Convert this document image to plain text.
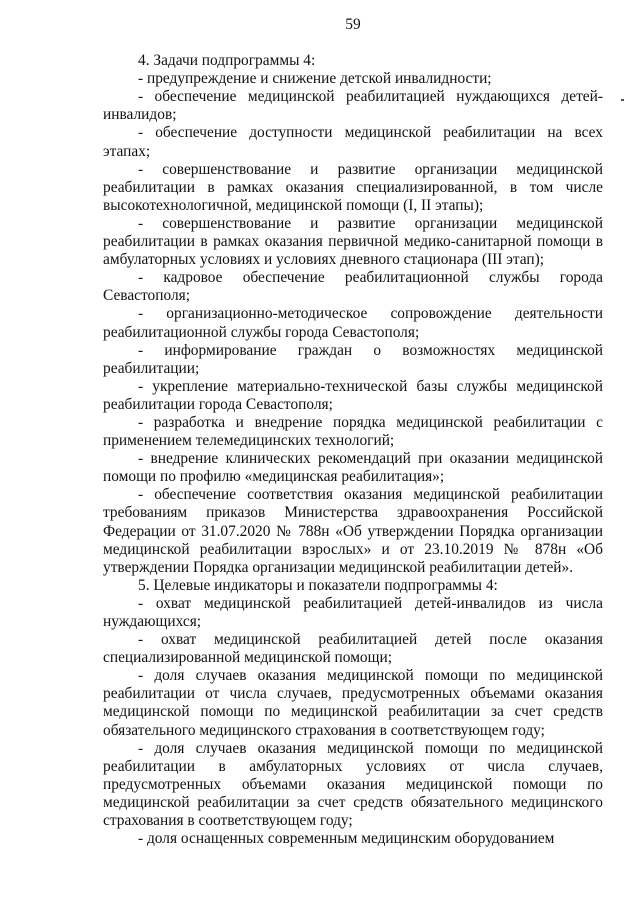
59

4. Задачи подпрограммы 4:

- предупреждение и снижение детской инвалидности;

- обеспечение медицинской реабилитацией нуждающихся детей-инвалидов;

- обеспечение доступности медицинской реабилитации на всех этапах;

- совершенствование и развитие организации медицинской реабилитации в рамках оказания специализированной, в том числе высокотехнологичной, медицинской помощи (I, II этапы);

- совершенствование и развитие организации медицинской реабилитации в рамках оказания первичной медико-санитарной помощи в амбулаторных условиях и условиях дневного стационара (III этап);

- кадровое обеспечение реабилитационной службы города Севастополя;

- организационно-методическое сопровождение деятельности реабилитационной службы города Севастополя;

- информирование граждан о возможностях медицинской реабилитации;

- укрепление материально-технической базы службы медицинской реабилитации города Севастополя;

- разработка и внедрение порядка медицинской реабилитации с применением телемедицинских технологий;

- внедрение клинических рекомендаций при оказании медицинской помощи по профилю «медицинская реабилитация»;

- обеспечение соответствия оказания медицинской реабилитации требованиям приказов Министерства здравоохранения Российской Федерации от 31.07.2020 № 788н «Об утверждении Порядка организации медицинской реабилитации взрослых» и от 23.10.2019 № 878н «Об утверждении Порядка организации медицинской реабилитации детей».

5. Целевые индикаторы и показатели подпрограммы 4:

- охват медицинской реабилитацией детей-инвалидов из числа нуждающихся;

- охват медицинской реабилитацией детей после оказания специализированной медицинской помощи;

- доля случаев оказания медицинской помощи по медицинской реабилитации от числа случаев, предусмотренных объемами оказания медицинской помощи по медицинской реабилитации за счет средств обязательного медицинского страхования в соответствующем году;

- доля случаев оказания медицинской помощи по медицинской реабилитации в амбулаторных условиях от числа случаев, предусмотренных объемами оказания медицинской помощи по медицинской реабилитации за счет средств обязательного медицинского страхования в соответствующем году;

- доля оснащенных современным медицинским оборудованием
